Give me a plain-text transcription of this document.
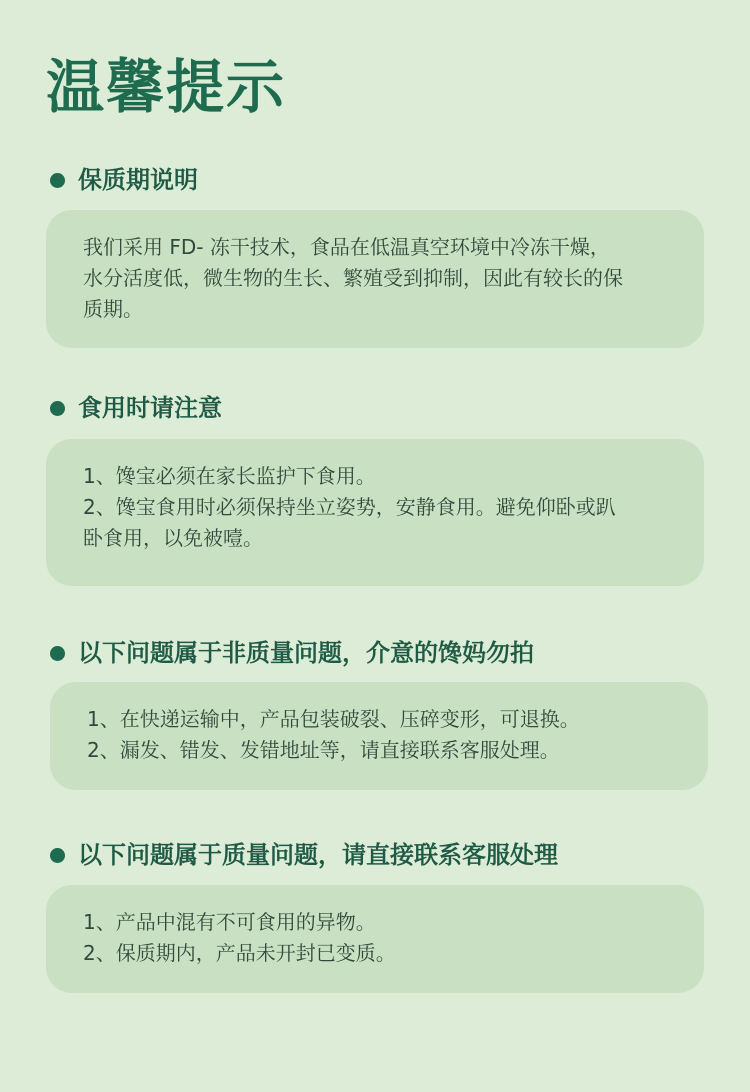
温馨提示
保质期说明
我们采用 FD- 冻干技术，食品在低温真空环境中冷冻干燥，
水分活度低，微生物的生长、繁殖受到抑制，因此有较长的保
质期。
食用时请注意
1、馋宝必须在家长监护下食用。
2、馋宝食用时必须保持坐立姿势，安静食用。避免仰卧或趴
卧食用，以免被噎。
以下问题属于非质量问题，介意的馋妈勿拍
1、在快递运输中，产品包装破裂、压碎变形，可退换。
2、漏发、错发、发错地址等，请直接联系客服处理。
以下问题属于质量问题，请直接联系客服处理
1、产品中混有不可食用的异物。
2、保质期内，产品未开封已变质。
